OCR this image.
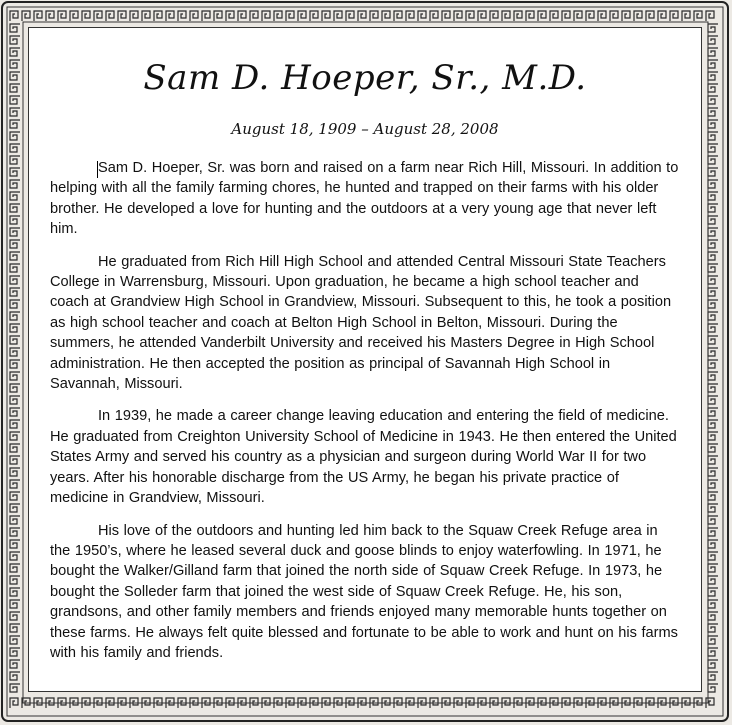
Sam D. Hoeper, Sr., M.D.
August 18, 1909 – August 28, 2008

Sam D. Hoeper, Sr. was born and raised on a farm near Rich Hill, Missouri. In addition to helping with all the family farming chores, he hunted and trapped on their farms with his older brother. He developed a love for hunting and the outdoors at a very young age that never left him.

He graduated from Rich Hill High School and attended Central Missouri State Teachers College in Warrensburg, Missouri. Upon graduation, he became a high school teacher and coach at Grandview High School in Grandview, Missouri. Subsequent to this, he took a position as high school teacher and coach at Belton High School in Belton, Missouri. During the summers, he attended Vanderbilt University and received his Masters Degree in High School administration. He then accepted the position as principal of Savannah High School in Savannah, Missouri.

In 1939, he made a career change leaving education and entering the field of medicine. He graduated from Creighton University School of Medicine in 1943. He then entered the United States Army and served his country as a physician and surgeon during World War II for two years. After his honorable discharge from the US Army, he began his private practice of medicine in Grandview, Missouri.

His love of the outdoors and hunting led him back to the Squaw Creek Refuge area in the 1950’s, where he leased several duck and goose blinds to enjoy waterfowling. In 1971, he bought the Walker/Gilland farm that joined the north side of Squaw Creek Refuge. In 1973, he bought the Solleder farm that joined the west side of Squaw Creek Refuge. He, his son, grandsons, and other family members and friends enjoyed many memorable hunts together on these farms. He always felt quite blessed and fortunate to be able to work and hunt on his farms with his family and friends.
